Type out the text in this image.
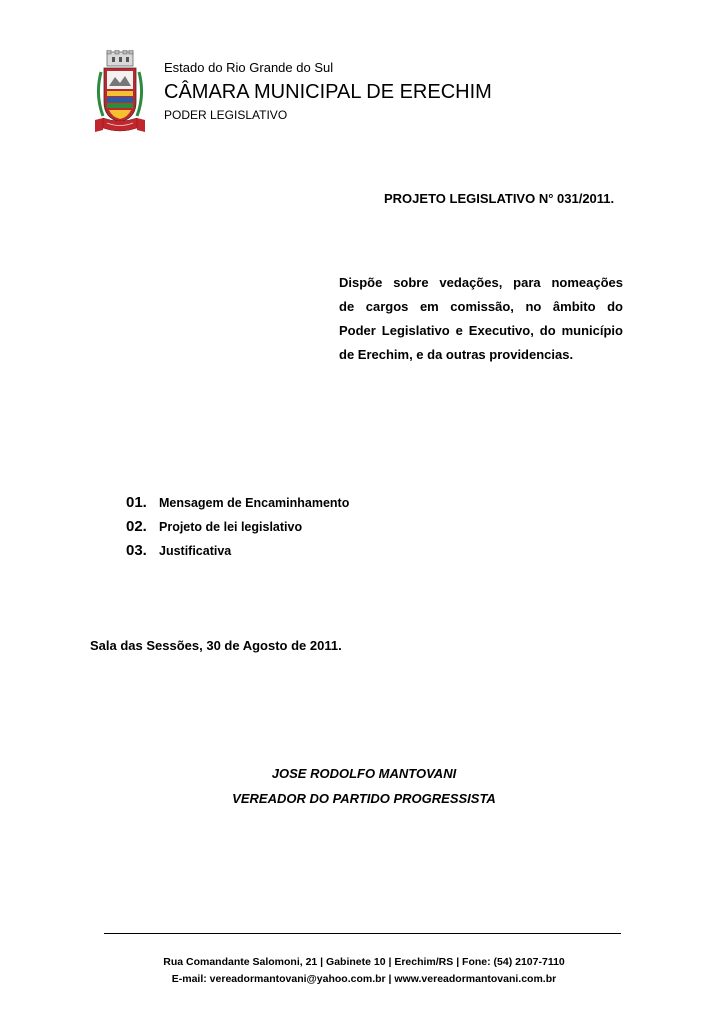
Estado do Rio Grande do Sul
CÂMARA MUNICIPAL DE ERECHIM
PODER LEGISLATIVO
PROJETO LEGISLATIVO N° 031/2011.
Dispõe sobre vedações, para nomeações
de cargos em comissão, no âmbito do
Poder Legislativo e Executivo, do município
de Erechim, e da outras providencias.
01. Mensagem de Encaminhamento
02. Projeto de lei legislativo
03. Justificativa
Sala das Sessões, 30 de Agosto de 2011.
JOSE RODOLFO MANTOVANI
VEREADOR DO PARTIDO PROGRESSISTA
Rua Comandante Salomoni, 21 | Gabinete 10 | Erechim/RS | Fone: (54) 2107-7110
E-mail: vereadormantovani@yahoo.com.br | www.vereadormantovani.com.br
